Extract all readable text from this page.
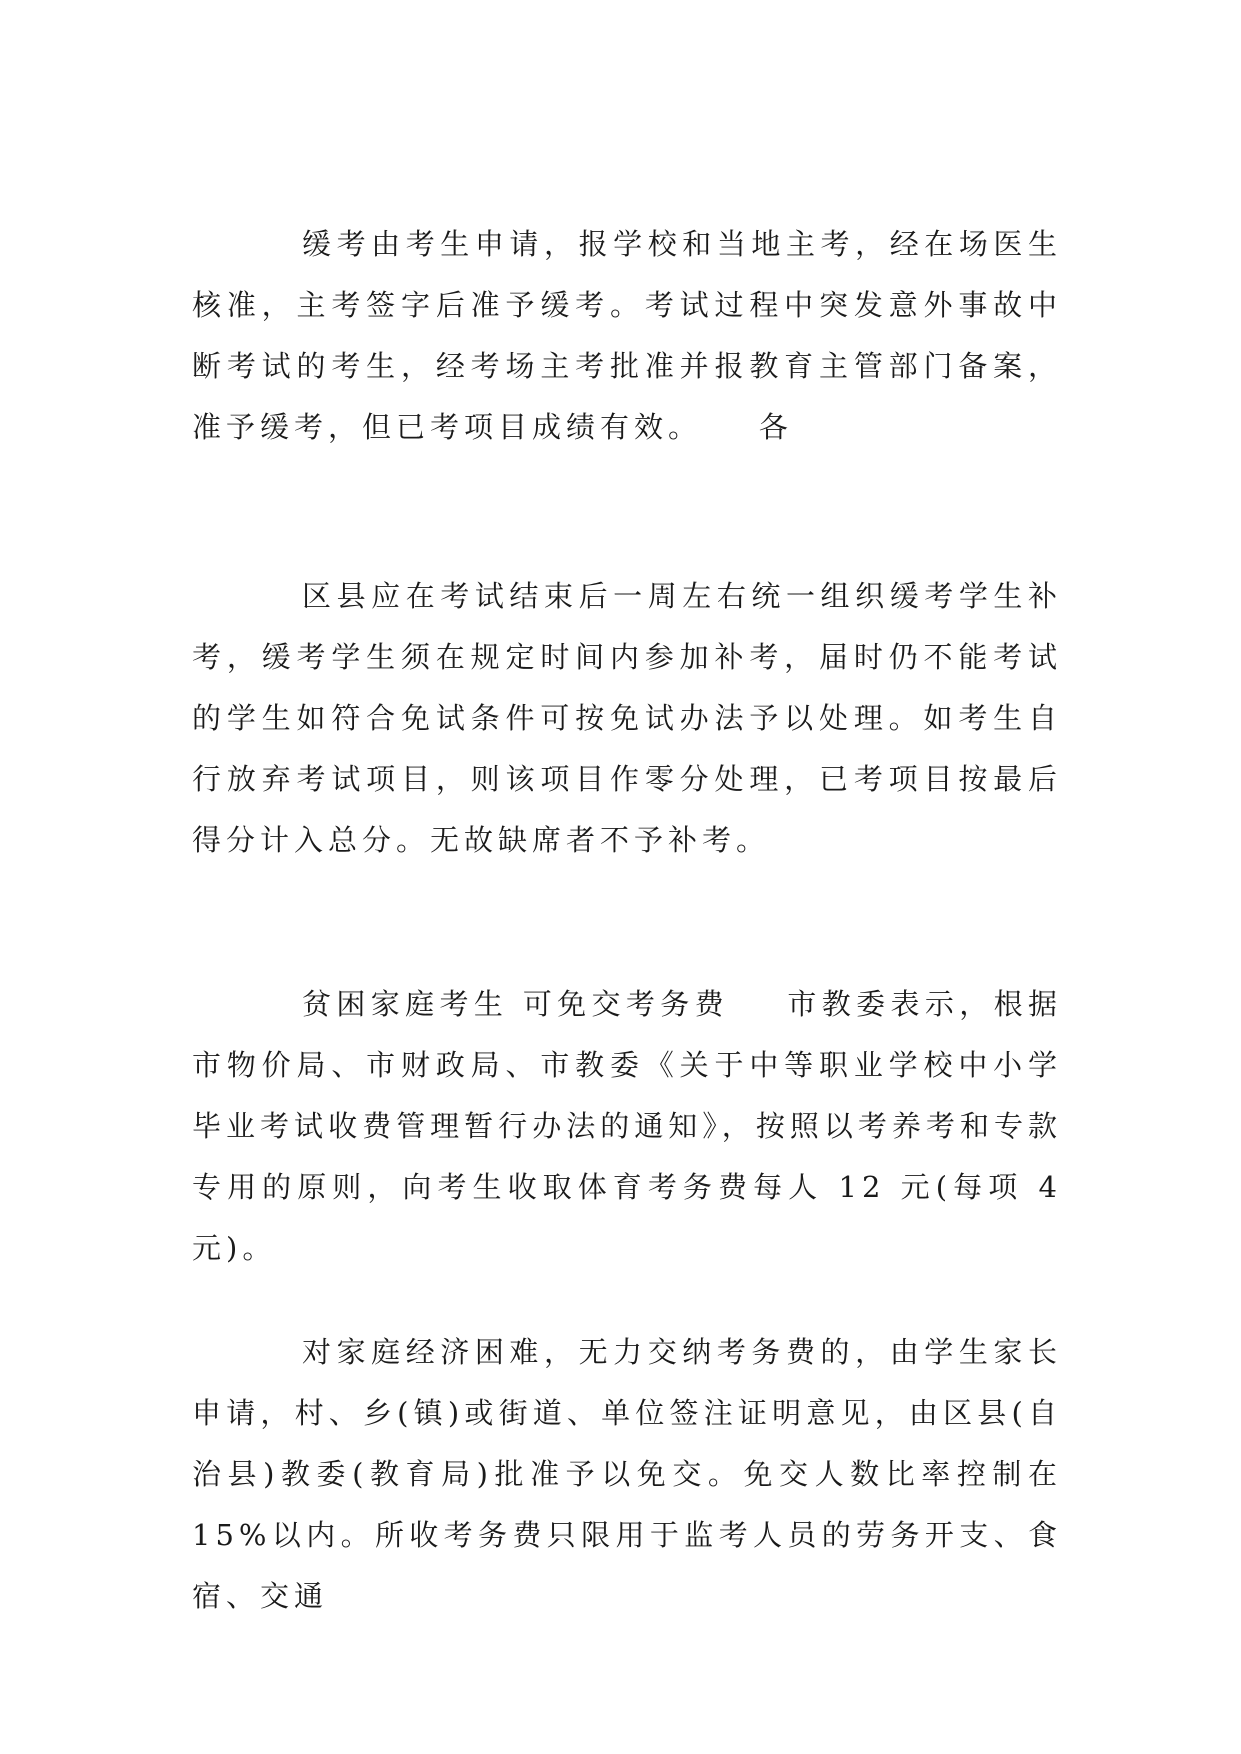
缓考由考生申请，报学校和当地主考，经在场医生核准，主考签字后准予缓考。考试过程中突发意外事故中断考试的考生，经考场主考批准并报教育主管部门备案，准予缓考，但已考项目成绩有效。    各

区县应在考试结束后一周左右统一组织缓考学生补考，缓考学生须在规定时间内参加补考，届时仍不能考试的学生如符合免试条件可按免试办法予以处理。如考生自行放弃考试项目，则该项目作零分处理，已考项目按最后得分计入总分。无故缺席者不予补考。

贫困家庭考生 可免交考务费    市教委表示，根据市物价局、市财政局、市教委《关于中等职业学校中小学毕业考试收费管理暂行办法的通知》，按照以考养考和专款专用的原则，向考生收取体育考务费每人 12 元(每项 4 元)。

对家庭经济困难，无力交纳考务费的，由学生家长申请，村、乡(镇)或街道、单位签注证明意见，由区县(自治县)教委(教育局)批准予以免交。免交人数比率控制在 15%以内。所收考务费只限用于监考人员的劳务开支、食宿、交通
